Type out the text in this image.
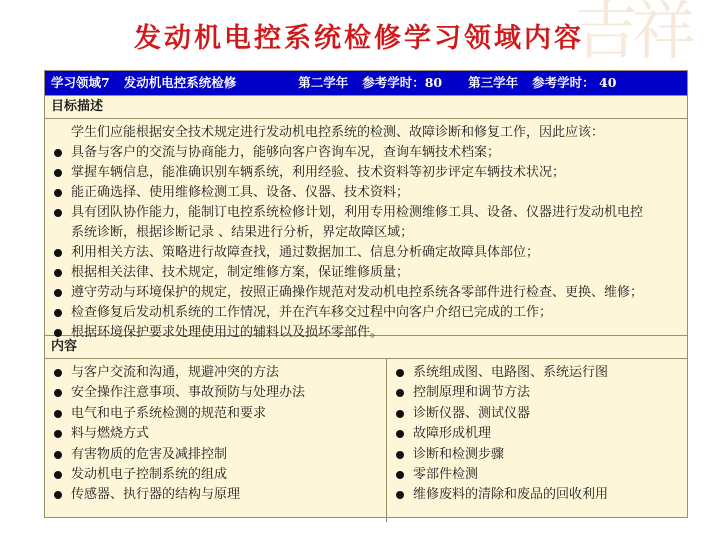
吉祥
发动机电控系统检修学习领域内容
学习领域7 发动机电控系统检修	第二学年 参考学时：80 第三学年 参考学时： 40
目标描述
学生们应能根据安全技术规定进行发动机电控系统的检测、故障诊断和修复工作，因此应该：
具备与客户的交流与协商能力，能够向客户咨询车况，查询车辆技术档案；
掌握车辆信息，能准确识别车辆系统，利用经验、技术资料等初步评定车辆技术状况；
能正确选择、使用维修检测工具、设备、仪器、技术资料；
具有团队协作能力，能制订电控系统检修计划，利用专用检测维修工具、设备、仪器进行发动机电控
系统诊断，根据诊断记录 、结果进行分析，界定故障区域；
利用相关方法、策略进行故障查找，通过数据加工、信息分析确定故障具体部位；
根据相关法律、技术规定，制定维修方案，保证维修质量；
遵守劳动与环境保护的规定，按照正确操作规范对发动机电控系统各零部件进行检查、更换、维修；
检查修复后发动机系统的工作情况，并在汽车移交过程中向客户介绍已完成的工作；
根据环境保护要求处理使用过的辅料以及损坏零部件。
内容
与客户交流和沟通，规避冲突的方法
安全操作注意事项、事故预防与处理办法
电气和电子系统检测的规范和要求
料与燃烧方式
有害物质的危害及减排控制
发动机电子控制系统的组成
传感器、执行器的结构与原理
系统组成图、电路图、系统运行图
控制原理和调节方法
诊断仪器、测试仪器
故障形成机理
诊断和检测步骤
零部件检测
维修废料的清除和废品的回收利用
